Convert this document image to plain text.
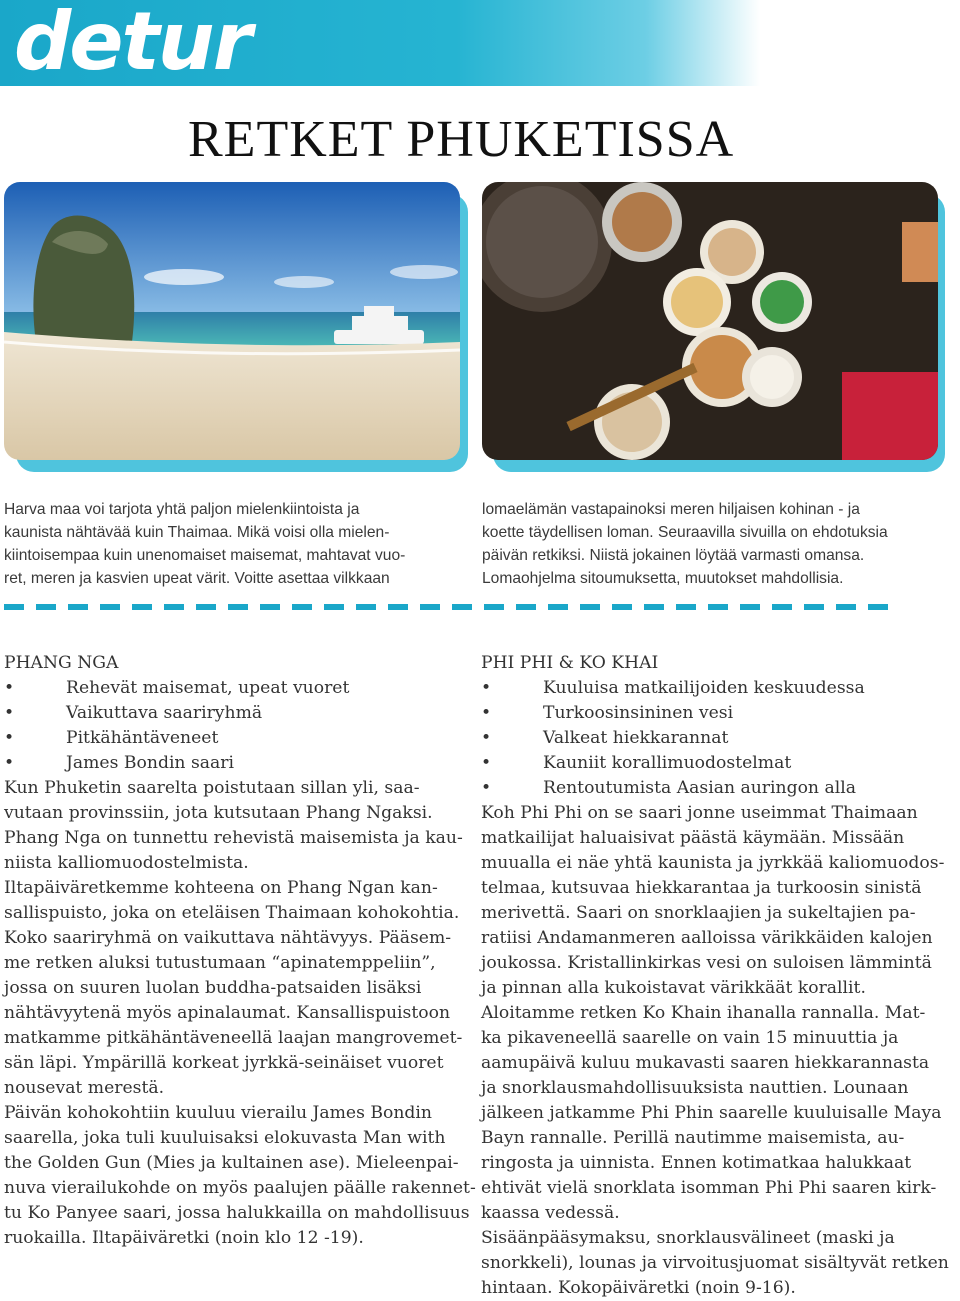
detur
RETKET PHUKETISSA
Harva maa voi tarjota yhtä paljon mielenkiintoista ja
kaunista nähtävää kuin Thaimaa. Mikä voisi olla mielen-
kiintoisempaa kuin unenomaiset maisemat, mahtavat vuo-
ret, meren ja kasvien upeat värit. Voitte asettaa vilkkaan
lomaelämän vastapainoksi meren hiljaisen kohinan - ja
koette täydellisen loman. Seuraavilla sivuilla on ehdotuksia
päivän retkiksi. Niistä jokainen löytää varmasti omansa.
Lomaohjelma sitoumuksetta, muutokset mahdollisia.
PHANG NGA
•	Rehevät maisemat, upeat vuoret
•	Vaikuttava saariryhmä
•	Pitkähäntäveneet
•	James Bondin saari
Kun Phuketin saarelta poistutaan sillan yli, saa-
vutaan provinssiin, jota kutsutaan Phang Ngaksi.
Phang Nga on tunnettu rehevistä maisemista ja kau-
niista kalliomuodostelmista.
Iltapäiväretkemme kohteena on Phang Ngan kan-
sallispuisto, joka on eteläisen Thaimaan kohokohtia.
Koko saariryhmä on vaikuttava nähtävyys. Pääsem-
me retken aluksi tutustumaan “apinatemppeliin”,
jossa on suuren luolan buddha-patsaiden lisäksi
nähtävyytenä myös apinalaumat. Kansallispuistoon
matkamme pitkähäntäveneellä laajan mangrovemet-
sän läpi. Ympärillä korkeat jyrkkä-seinäiset vuoret
nousevat merestä.
Päivän kohokohtiin kuuluu vierailu James Bondin
saarella, joka tuli kuuluisaksi elokuvasta Man with
the Golden Gun (Mies ja kultainen ase). Mieleenpai-
nuva vierailukohde on myös paalujen päälle rakennet-
tu Ko Panyee saari, jossa halukkailla on mahdollisuus
ruokailla. Iltapäiväretki (noin klo 12 -19).
PHI PHI & KO KHAI
•	Kuuluisa matkailijoiden keskuudessa
•	Turkoosinsininen vesi
•	Valkeat hiekkarannat
•	Kauniit korallimuodostelmat
•	Rentoutumista Aasian auringon alla
Koh Phi Phi on se saari jonne useimmat Thaimaan
matkailijat haluaisivat päästä käymään. Missään
muualla ei näe yhtä kaunista ja jyrkkää kaliomuodos-
telmaa, kutsuvaa hiekkarantaa ja turkoosin sinistä
merivettä. Saari on snorklaajien ja sukeltajien pa-
ratiisi Andamanmeren aalloissa värikkäiden kalojen
joukossa. Kristallinkirkas vesi on suloisen lämmintä
ja pinnan alla kukoistavat värikkäät korallit.
Aloitamme retken Ko Khain ihanalla rannalla. Mat-
ka pikaveneellä saarelle on vain 15 minuuttia ja
aamupäivä kuluu mukavasti saaren hiekkarannasta
ja snorklausmahdollisuuksista nauttien. Lounaan
jälkeen jatkamme Phi Phin saarelle kuuluisalle Maya
Bayn rannalle. Perillä nautimme maisemista, au-
ringosta ja uinnista. Ennen kotimatkaa halukkaat
ehtivät vielä snorklata isomman Phi Phi saaren kirk-
kaassa vedessä.
Sisäänpääsymaksu, snorklausvälineet (maski ja
snorkkeli), lounas ja virvoitusjuomat sisältyvät retken
hintaan. Kokopäiväretki (noin 9-16).
